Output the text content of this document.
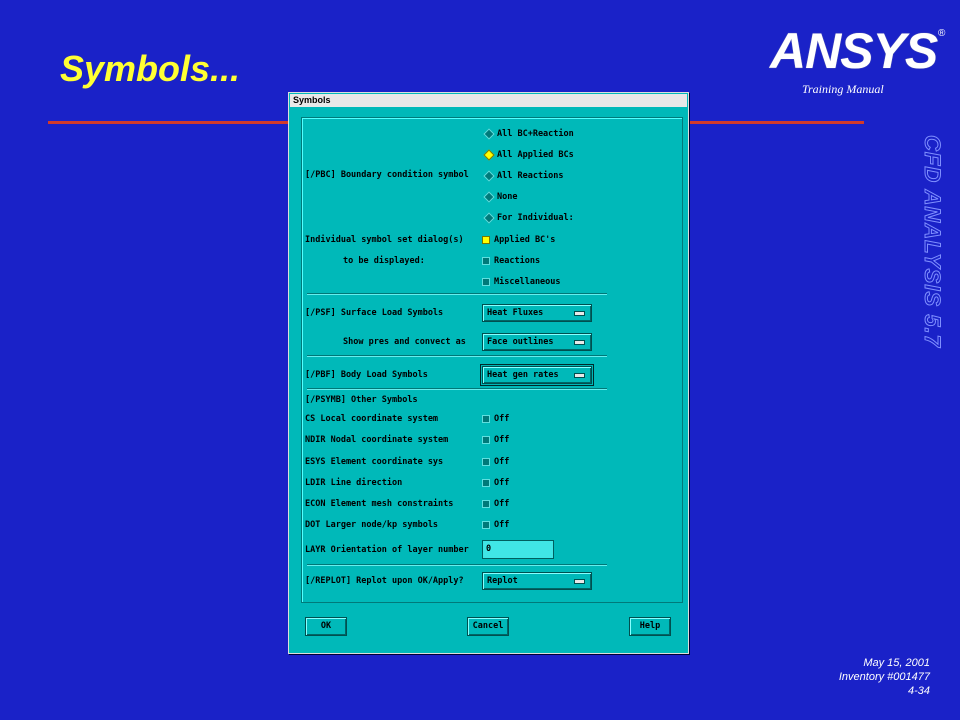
Symbols...	ANSYS ®
Training Manual
CFD ANALYSIS 5.7
May 15, 2001
Inventory #001477
4-34
Symbols
[/PBC] Boundary condition symbol
All BC+Reaction
All Applied BCs
All Reactions
None
For Individual:
Individual symbol set dialog(s)
to be displayed:
Applied BC's
Reactions
Miscellaneous
[/PSF] Surface Load Symbols	Heat Fluxes
Show pres and convect as Face outlines
[/PBF] Body Load Symbols	Heat gen rates
[/PSYMB] Other Symbols
CS Local coordinate system	Off
NDIR Nodal coordinate system	Off
ESYS Element coordinate sys	Off
LDIR Line direction	Off
ECON Element mesh constraints	Off
DOT Larger node/kp symbols	Off
LAYR Orientation of layer number 0
[/REPLOT] Replot upon OK/Apply?	Replot
OK	Cancel	Help
